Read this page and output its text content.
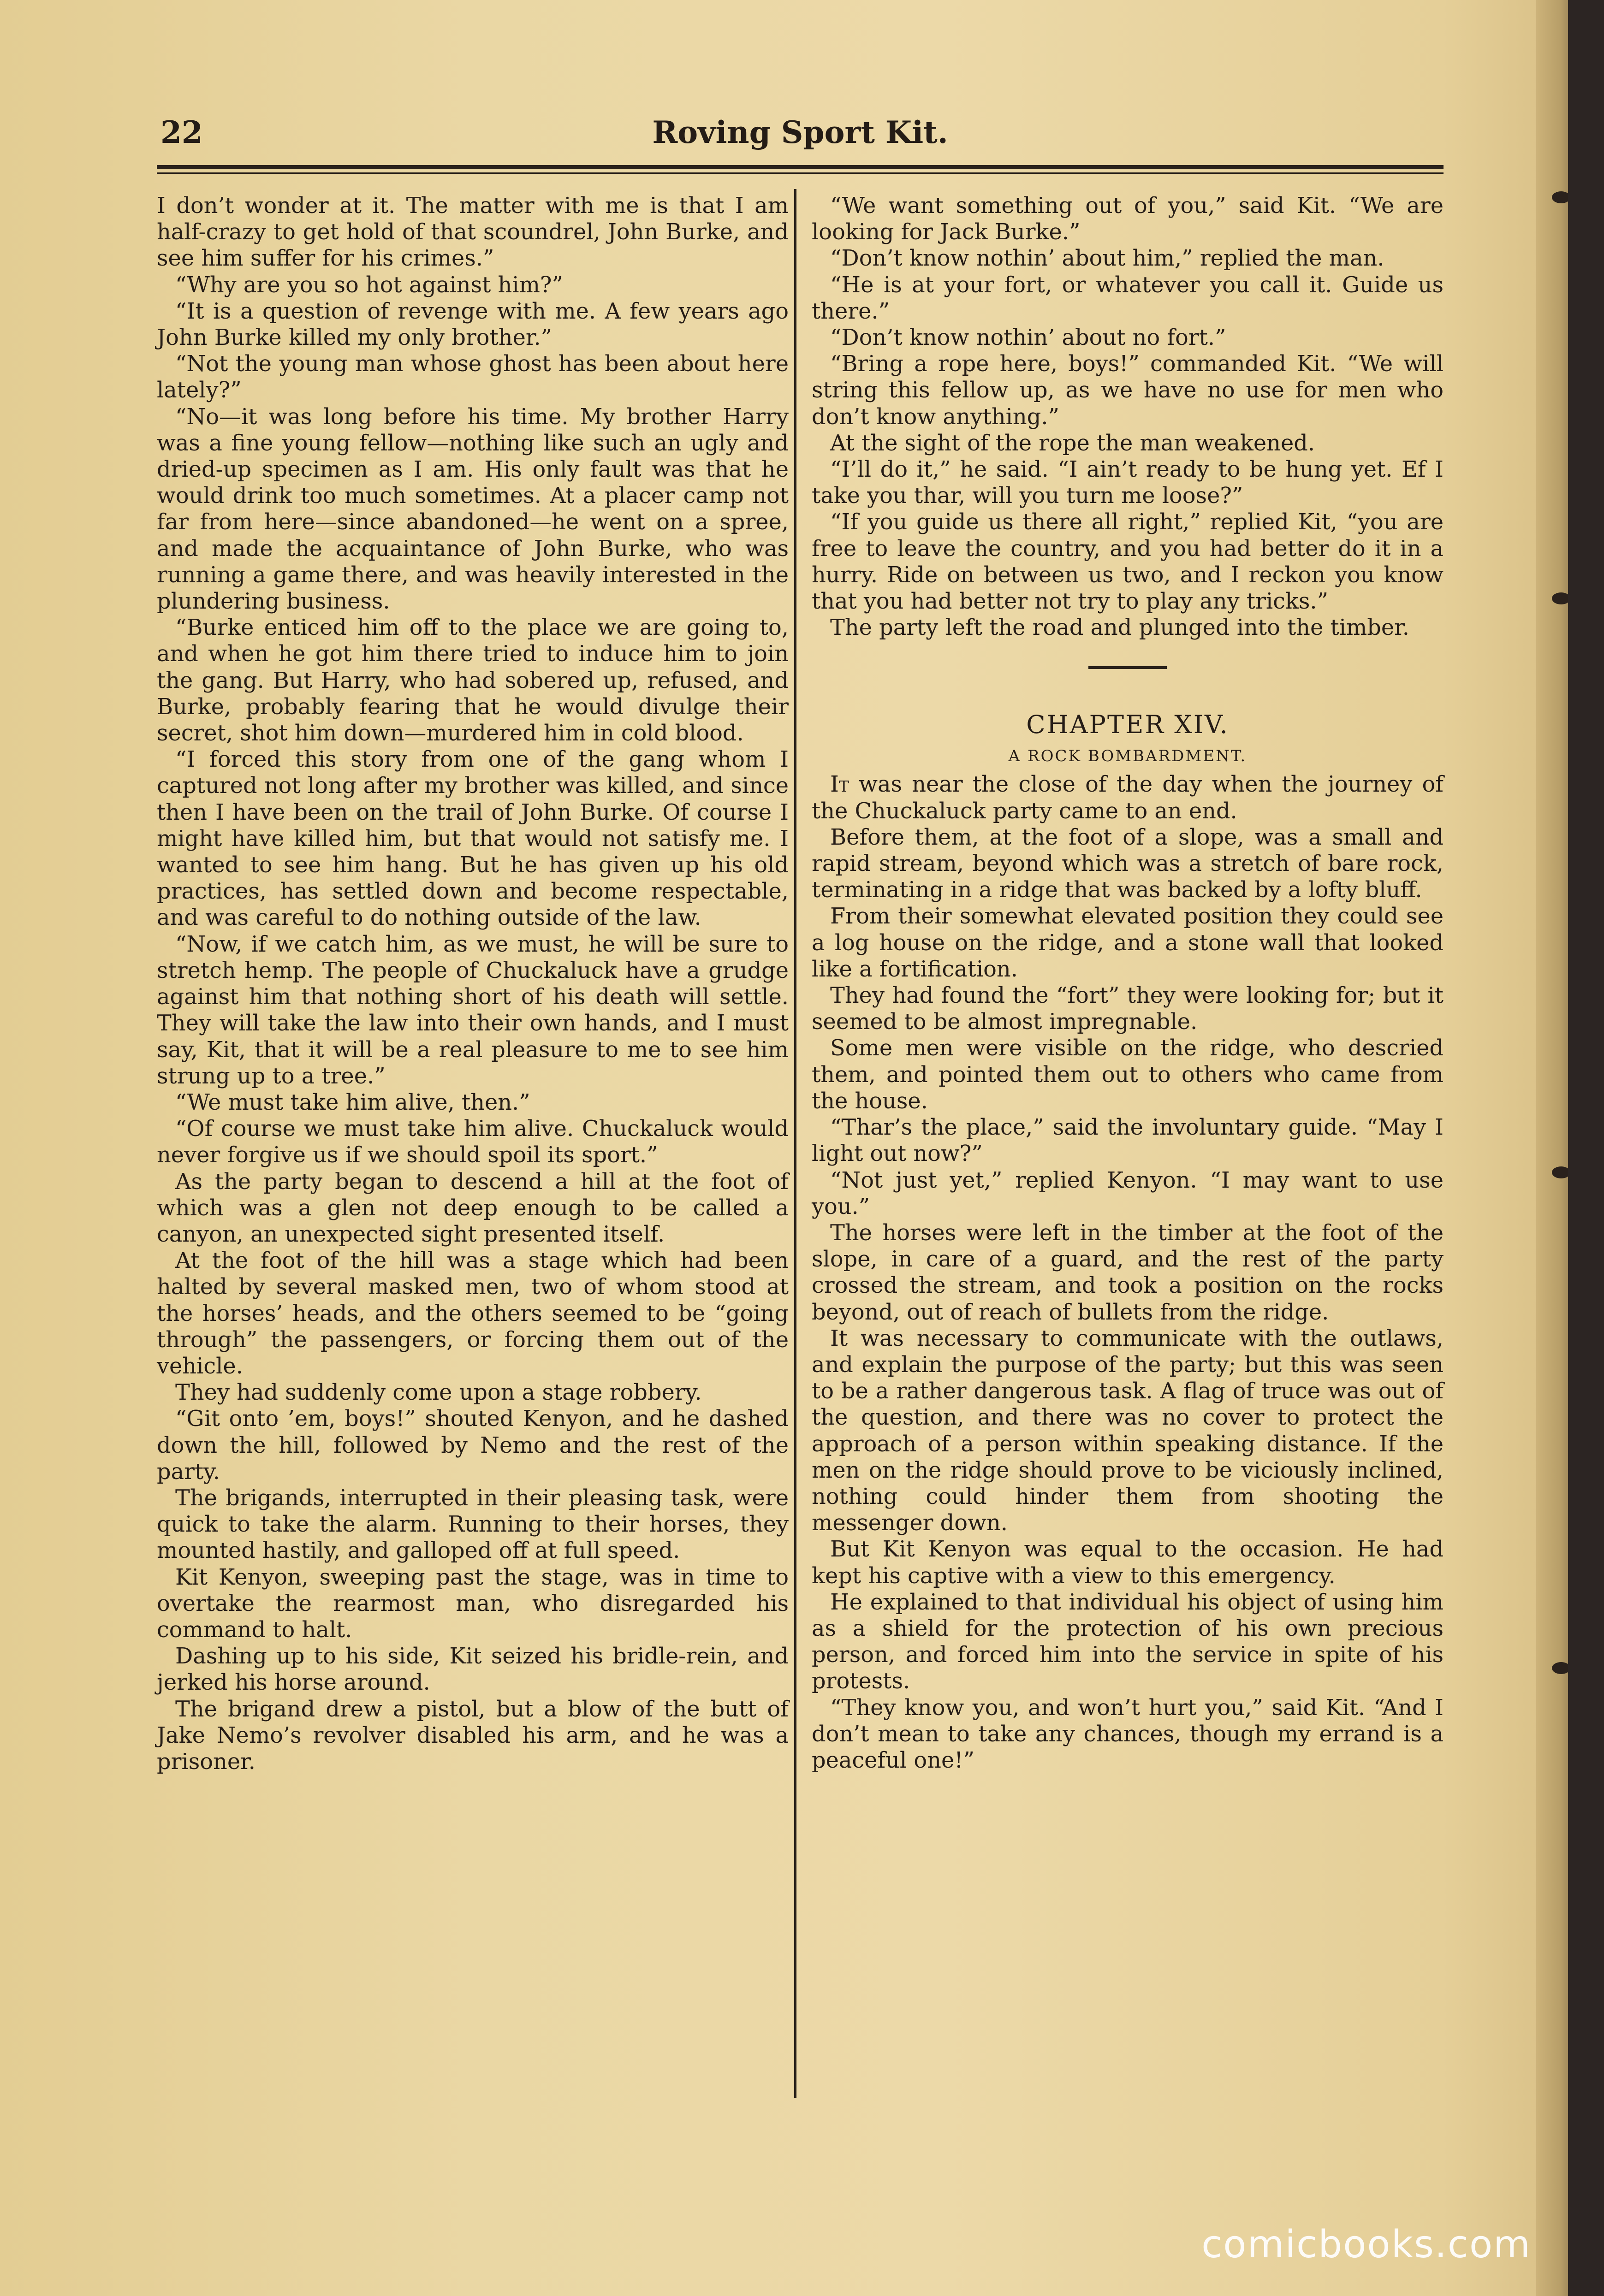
22	Roving Sport Kit.

I don’t wonder at it. The matter with me is that I am half-crazy to get hold of that scoundrel, John Burke, and see him suffer for his crimes.”

“Why are you so hot against him?”

“It is a question of revenge with me. A few years ago John Burke killed my only brother.”

“Not the young man whose ghost has been about here lately?”

“No—it was long before his time. My brother Harry was a fine young fellow—nothing like such an ugly and dried-up specimen as I am. His only fault was that he would drink too much sometimes. At a placer camp not far from here—since abandoned—he went on a spree, and made the acquaintance of John Burke, who was running a game there, and was heavily interested in the plundering business.

“Burke enticed him off to the place we are going to, and when he got him there tried to induce him to join the gang. But Harry, who had sobered up, refused, and Burke, probably fearing that he would divulge their secret, shot him down—murdered him in cold blood.

“I forced this story from one of the gang whom I captured not long after my brother was killed, and since then I have been on the trail of John Burke. Of course I might have killed him, but that would not satisfy me. I wanted to see him hang. But he has given up his old practices, has settled down and become respectable, and was careful to do nothing outside of the law.

“Now, if we catch him, as we must, he will be sure to stretch hemp. The people of Chuckaluck have a grudge against him that nothing short of his death will settle. They will take the law into their own hands, and I must say, Kit, that it will be a real pleasure to me to see him strung up to a tree.”

“We must take him alive, then.”

“Of course we must take him alive. Chuckaluck would never forgive us if we should spoil its sport.”

As the party began to descend a hill at the foot of which was a glen not deep enough to be called a canyon, an unexpected sight presented itself.

At the foot of the hill was a stage which had been halted by several masked men, two of whom stood at the horses’ heads, and the others seemed to be “going through” the passengers, or forcing them out of the vehicle.

They had suddenly come upon a stage robbery.

“Git onto ’em, boys!” shouted Kenyon, and he dashed down the hill, followed by Nemo and the rest of the party.

The brigands, interrupted in their pleasing task, were quick to take the alarm. Running to their horses, they mounted hastily, and galloped off at full speed.

Kit Kenyon, sweeping past the stage, was in time to overtake the rearmost man, who disregarded his command to halt.

Dashing up to his side, Kit seized his bridle-rein, and jerked his horse around.

The brigand drew a pistol, but a blow of the butt of Jake Nemo’s revolver disabled his arm, and he was a prisoner.

“We want something out of you,” said Kit. “We are looking for Jack Burke.”

“Don’t know nothin’ about him,” replied the man.

“He is at your fort, or whatever you call it. Guide us there.”

“Don’t know nothin’ about no fort.”

“Bring a rope here, boys!” commanded Kit. “We will string this fellow up, as we have no use for men who don’t know anything.”

At the sight of the rope the man weakened.

“I’ll do it,” he said. “I ain’t ready to be hung yet. Ef I take you thar, will you turn me loose?”

“If you guide us there all right,” replied Kit, “you are free to leave the country, and you had better do it in a hurry. Ride on between us two, and I reckon you know that you had better not try to play any tricks.”

The party left the road and plunged into the timber.

CHAPTER XIV.
A ROCK BOMBARDMENT.

It was near the close of the day when the journey of the Chuckaluck party came to an end.

Before them, at the foot of a slope, was a small and rapid stream, beyond which was a stretch of bare rock, terminating in a ridge that was backed by a lofty bluff.

From their somewhat elevated position they could see a log house on the ridge, and a stone wall that looked like a fortification.

They had found the “fort” they were looking for; but it seemed to be almost impregnable.

Some men were visible on the ridge, who descried them, and pointed them out to others who came from the house.

“Thar’s the place,” said the involuntary guide. “May I light out now?”

“Not just yet,” replied Kenyon. “I may want to use you.”

The horses were left in the timber at the foot of the slope, in care of a guard, and the rest of the party crossed the stream, and took a position on the rocks beyond, out of reach of bullets from the ridge.

It was necessary to communicate with the outlaws, and explain the purpose of the party; but this was seen to be a rather dangerous task. A flag of truce was out of the question, and there was no cover to protect the approach of a person within speaking distance. If the men on the ridge should prove to be viciously inclined, nothing could hinder them from shooting the messenger down.

But Kit Kenyon was equal to the occasion. He had kept his captive with a view to this emergency.

He explained to that individual his object of using him as a shield for the protection of his own precious person, and forced him into the service in spite of his protests.

“They know you, and won’t hurt you,” said Kit. “And I don’t mean to take any chances, though my errand is a peaceful one!”

comicbooks.com
